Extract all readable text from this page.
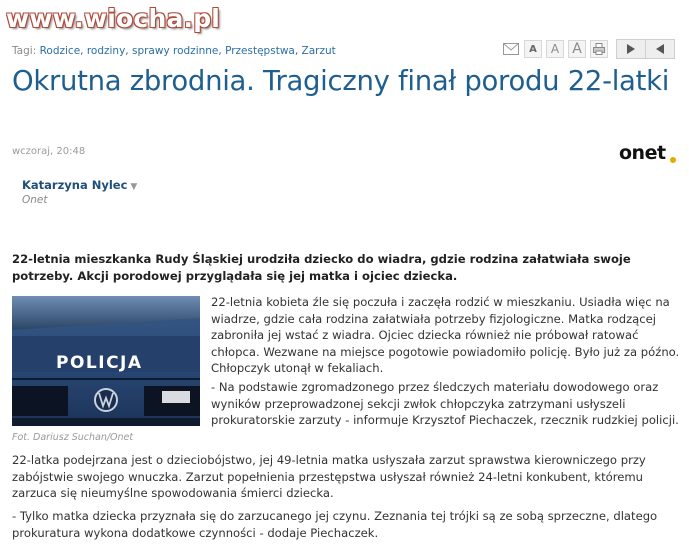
www.wiocha.pl
Tagi: Rodzice, rodziny, sprawy rodzinne, Przestępstwa, Zarzut	A	A A
Okrutna zbrodnia. Tragiczny finał porodu 22-latki
wczoraj, 20:48	onet
Katarzyna Nylec ▼
Onet

22-letnia mieszkanka Rudy Śląskiej urodziła dziecko do wiadra, gdzie rodzina załatwiała swoje potrzeby. Akcji porodowej przyglądała się jej matka i ojciec dziecka.

POLICJA
Fot. Dariusz Suchan/Onet

22-letnia kobieta źle się poczuła i zaczęła rodzić w mieszkaniu. Usiadła więc na wiadrze, gdzie cała rodzina załatwiała potrzeby fizjologiczne. Matka rodzącej zabroniła jej wstać z wiadra. Ojciec dziecka również nie próbował ratować chłopca. Wezwane na miejsce pogotowie powiadomiło policję. Było już za późno. Chłopczyk utonął w fekaliach.

- Na podstawie zgromadzonego przez śledczych materiału dowodowego oraz wyników przeprowadzonej sekcji zwłok chłopczyka zatrzymani usłyszeli prokuratorskie zarzuty - informuje Krzysztof Piechaczek, rzecznik rudzkiej policji.

22-latka podejrzana jest o dzieciobójstwo, jej 49-letnia matka usłyszała zarzut sprawstwa kierowniczego przy zabójstwie swojego wnuczka. Zarzut popełnienia przestępstwa usłyszał również 24-letni konkubent, któremu zarzuca się nieumyślne spowodowania śmierci dziecka.

- Tylko matka dziecka przyznała się do zarzucanego jej czynu. Zeznania tej trójki są ze sobą sprzeczne, dlatego prokuratura wykona dodatkowe czynności - dodaje Piechaczek.
